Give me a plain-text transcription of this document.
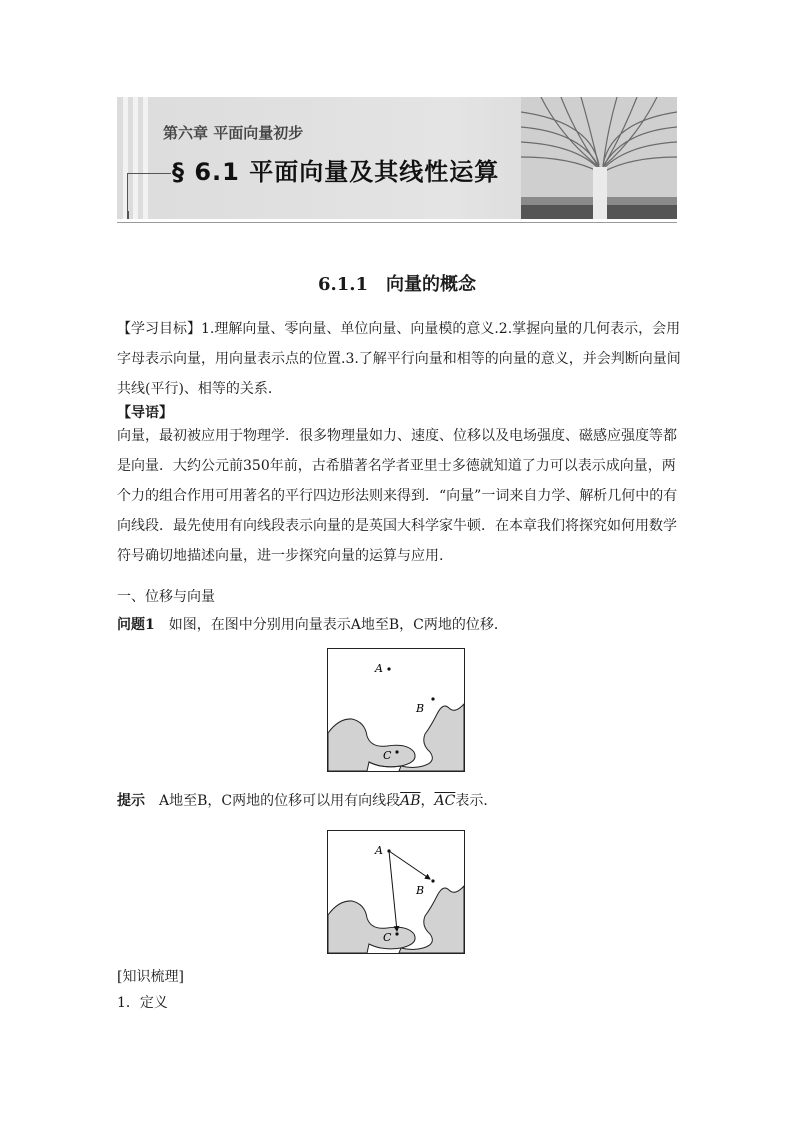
第六章 平面向量初步
§ 6.1 平面向量及其线性运算
6.1.1　向量的概念
【学习目标】1.理解向量、零向量、单位向量、向量模的意义.2.掌握向量的几何表示，会用字母表示向量，用向量表示点的位置.3.了解平行向量和相等的向量的意义，并会判断向量间共线(平行)、相等的关系．
【导语】
向量，最初被应用于物理学．很多物理量如力、速度、位移以及电场强度、磁感应强度等都是向量．大约公元前350年前，古希腊著名学者亚里士多德就知道了力可以表示成向量，两个力的组合作用可用著名的平行四边形法则来得到．“向量”一词来自力学、解析几何中的有向线段．最先使用有向线段表示向量的是英国大科学家牛顿．在本章我们将探究如何用数学符号确切地描述向量，进一步探究向量的运算与应用.
一、位移与向量
问题1　如图，在图中分别用向量表示A地至B，C两地的位移．
A
B
C
提示　A地至B，C两地的位移可以用有向线段$\overline{AB}$，$\overline{AC}$表示．
A
B
C
[知识梳理]
1．定义
